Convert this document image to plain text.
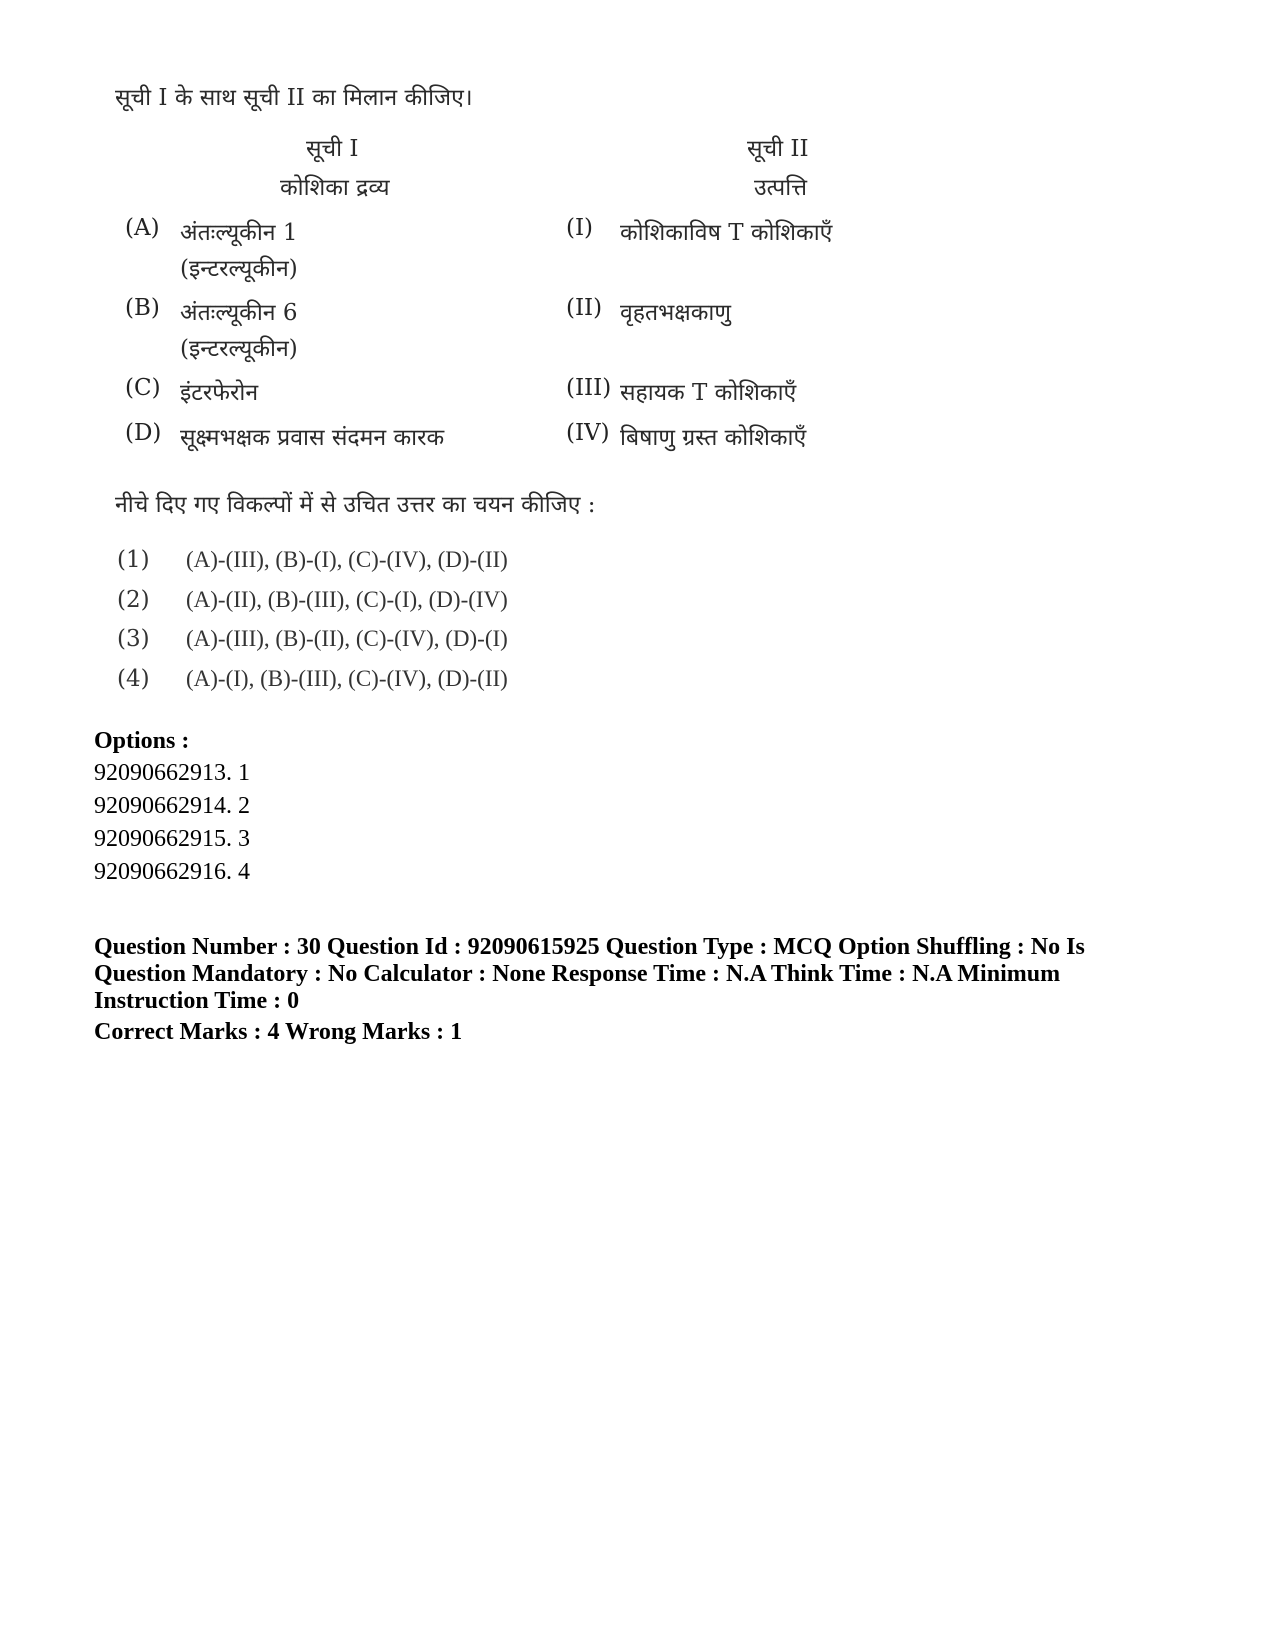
सूची I के साथ सूची II का मिलान कीजिए।
सूची I
कोशिका द्रव्य
सूची II
उत्पत्ति
(A) अंतःल्यूकीन 1
(इन्टरल्यूकीन)
(B) अंतःल्यूकीन 6
(इन्टरल्यूकीन)
(C) इंटरफेरोन
(D) सूक्ष्मभक्षक प्रवास संदमन कारक
(I) कोशिकाविष T कोशिकाएँ
(II) वृहतभक्षकाणु
(III) सहायक T कोशिकाएँ
(IV) बिषाणु ग्रस्त कोशिकाएँ
नीचे दिए गए विकल्पों में से उचित उत्तर का चयन कीजिए :
(1) (A)-(III), (B)-(I), (C)-(IV), (D)-(II)
(2) (A)-(II), (B)-(III), (C)-(I), (D)-(IV)
(3) (A)-(III), (B)-(II), (C)-(IV), (D)-(I)
(4) (A)-(I), (B)-(III), (C)-(IV), (D)-(II)
Options :
92090662913. 1
92090662914. 2
92090662915. 3
92090662916. 4
Question Number : 30 Question Id : 92090615925 Question Type : MCQ Option Shuffling : No Is Question Mandatory : No Calculator : None Response Time : N.A Think Time : N.A Minimum Instruction Time : 0
Correct Marks : 4 Wrong Marks : 1
